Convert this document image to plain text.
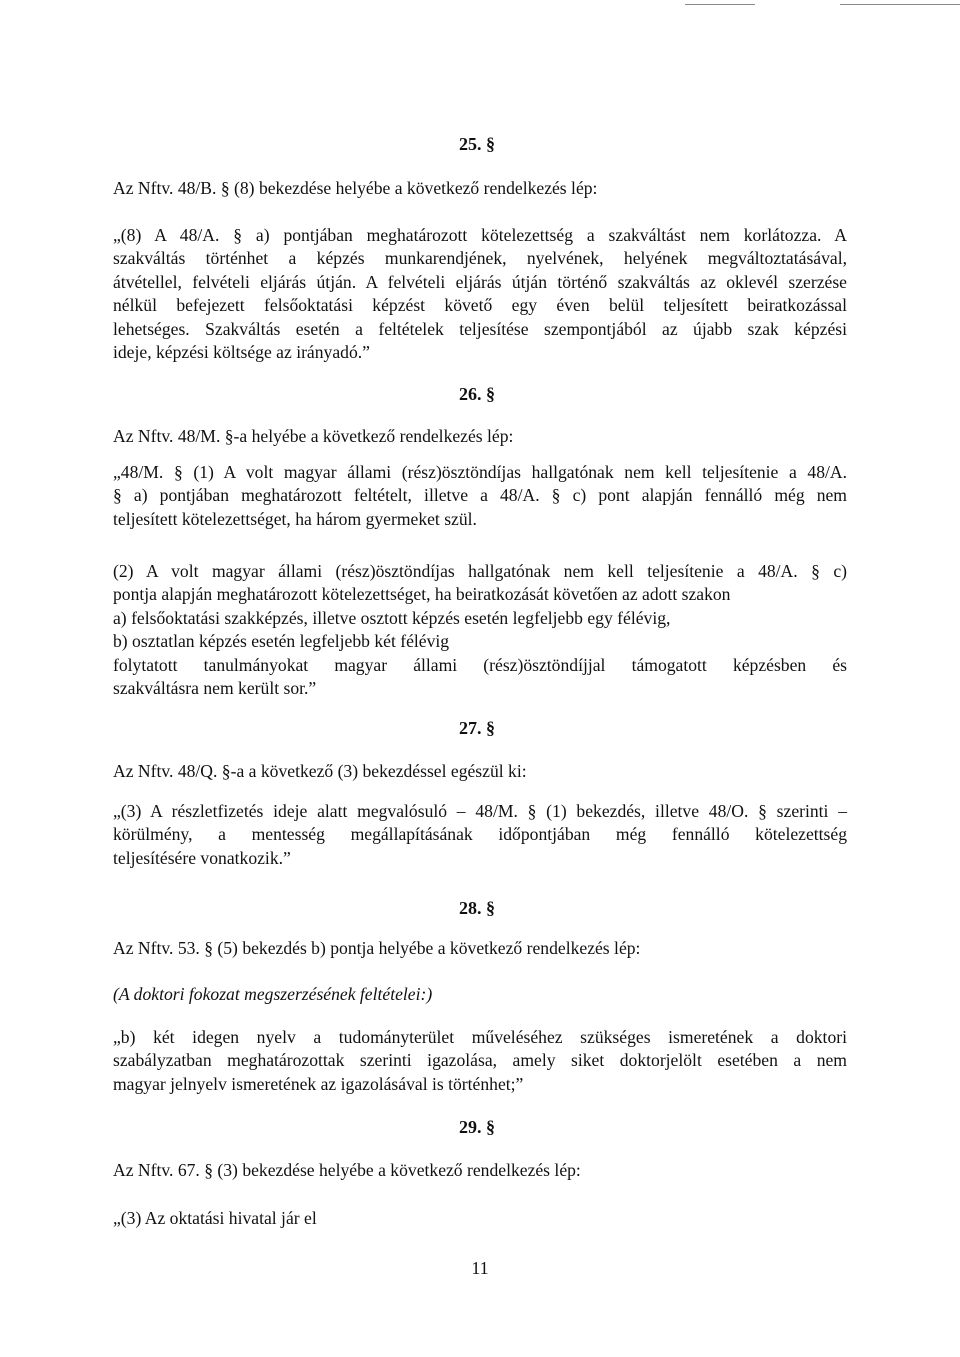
25. §
Az Nftv. 48/B. § (8) bekezdése helyébe a következő rendelkezés lép:
„(8) A 48/A. § a) pontjában meghatározott kötelezettség a szakváltást nem korlátozza. A
szakváltás történhet a képzés munkarendjének, nyelvének, helyének megváltoztatásával,
átvétellel, felvételi eljárás útján. A felvételi eljárás útján történő szakváltás az oklevél szerzése
nélkül befejezett felsőoktatási képzést követő egy éven belül teljesített beiratkozással
lehetséges. Szakváltás esetén a feltételek teljesítése szempontjából az újabb szak képzési
ideje, képzési költsége az irányadó.”
26. §
Az Nftv. 48/M. §-a helyébe a következő rendelkezés lép:
„48/M. § (1) A volt magyar állami (rész)ösztöndíjas hallgatónak nem kell teljesítenie a 48/A.
§ a) pontjában meghatározott feltételt, illetve a 48/A. § c) pont alapján fennálló még nem
teljesített kötelezettséget, ha három gyermeket szül.
(2) A volt magyar állami (rész)ösztöndíjas hallgatónak nem kell teljesítenie a 48/A. § c)
pontja alapján meghatározott kötelezettséget, ha beiratkozását követően az adott szakon
a) felsőoktatási szakképzés, illetve osztott képzés esetén legfeljebb egy félévig,
b) osztatlan képzés esetén legfeljebb két félévig
folytatott tanulmányokat magyar állami (rész)ösztöndíjjal támogatott képzésben és
szakváltásra nem került sor.”
27. §
Az Nftv. 48/Q. §-a a következő (3) bekezdéssel egészül ki:
„(3) A részletfizetés ideje alatt megvalósuló – 48/M. § (1) bekezdés, illetve 48/O. § szerinti –
körülmény, a mentesség megállapításának időpontjában még fennálló kötelezettség
teljesítésére vonatkozik.”
28. §
Az Nftv. 53. § (5) bekezdés b) pontja helyébe a következő rendelkezés lép:
(A doktori fokozat megszerzésének feltételei:)
„b) két idegen nyelv a tudományterület műveléséhez szükséges ismeretének a doktori
szabályzatban meghatározottak szerinti igazolása, amely siket doktorjelölt esetében a nem
magyar jelnyelv ismeretének az igazolásával is történhet;”
29. §
Az Nftv. 67. § (3) bekezdése helyébe a következő rendelkezés lép:
„(3) Az oktatási hivatal jár el
11
